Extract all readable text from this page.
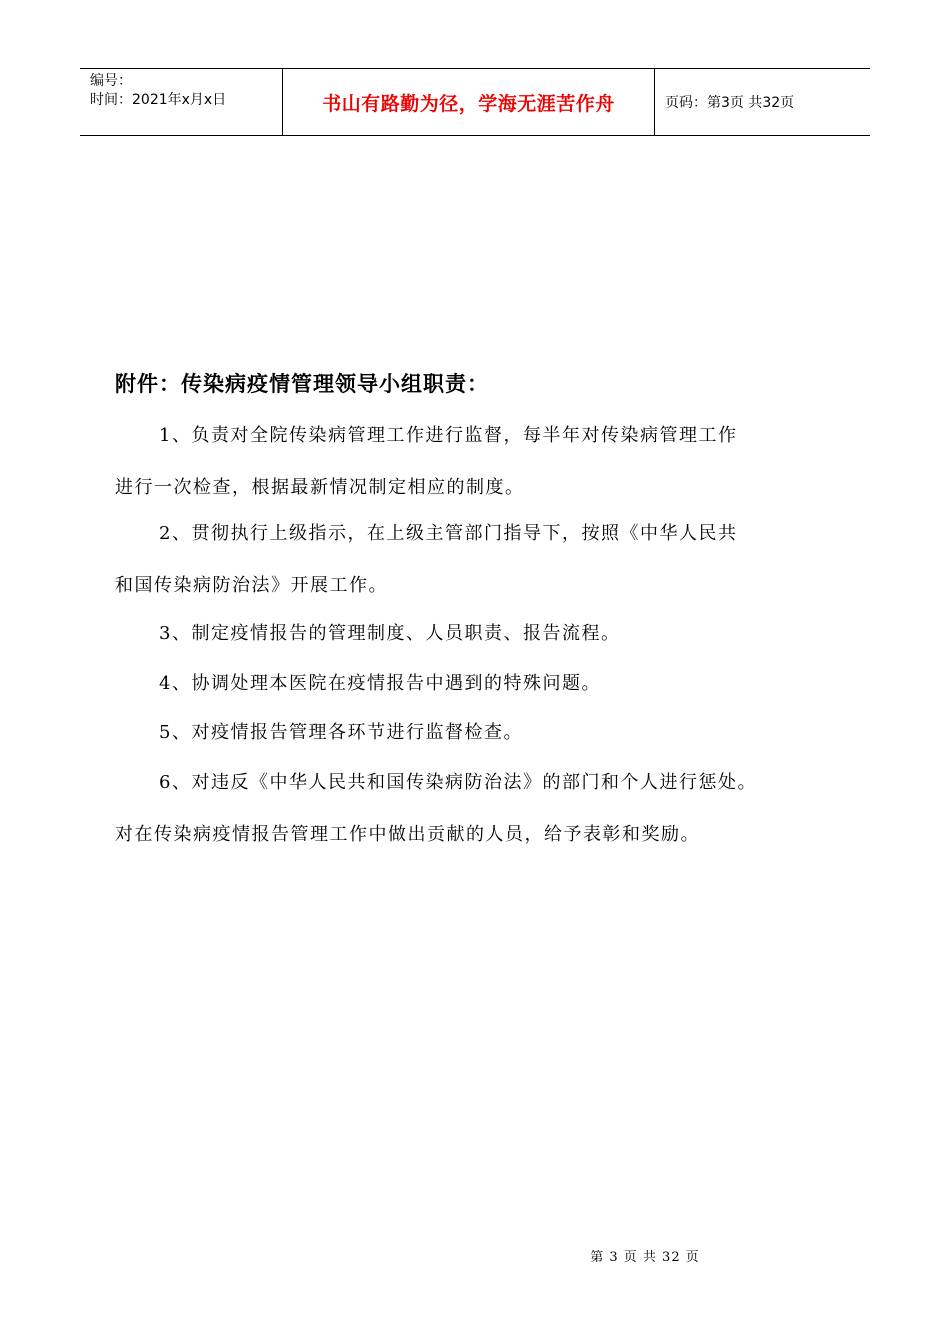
编号：
时间：2021年x月x日	书山有路勤为径，学海无涯苦作舟	页码：第3页 共32页
附件：传染病疫情管理领导小组职责：
1、负责对全院传染病管理工作进行监督，每半年对传染病管理工作
进行一次检查，根据最新情况制定相应的制度。
2、贯彻执行上级指示，在上级主管部门指导下，按照《中华人民共
和国传染病防治法》开展工作。
3、制定疫情报告的管理制度、人员职责、报告流程。
4、协调处理本医院在疫情报告中遇到的特殊问题。
5、对疫情报告管理各环节进行监督检查。
6、对违反《中华人民共和国传染病防治法》的部门和个人进行惩处。
对在传染病疫情报告管理工作中做出贡献的人员，给予表彰和奖励。
第 3 页 共 32 页
